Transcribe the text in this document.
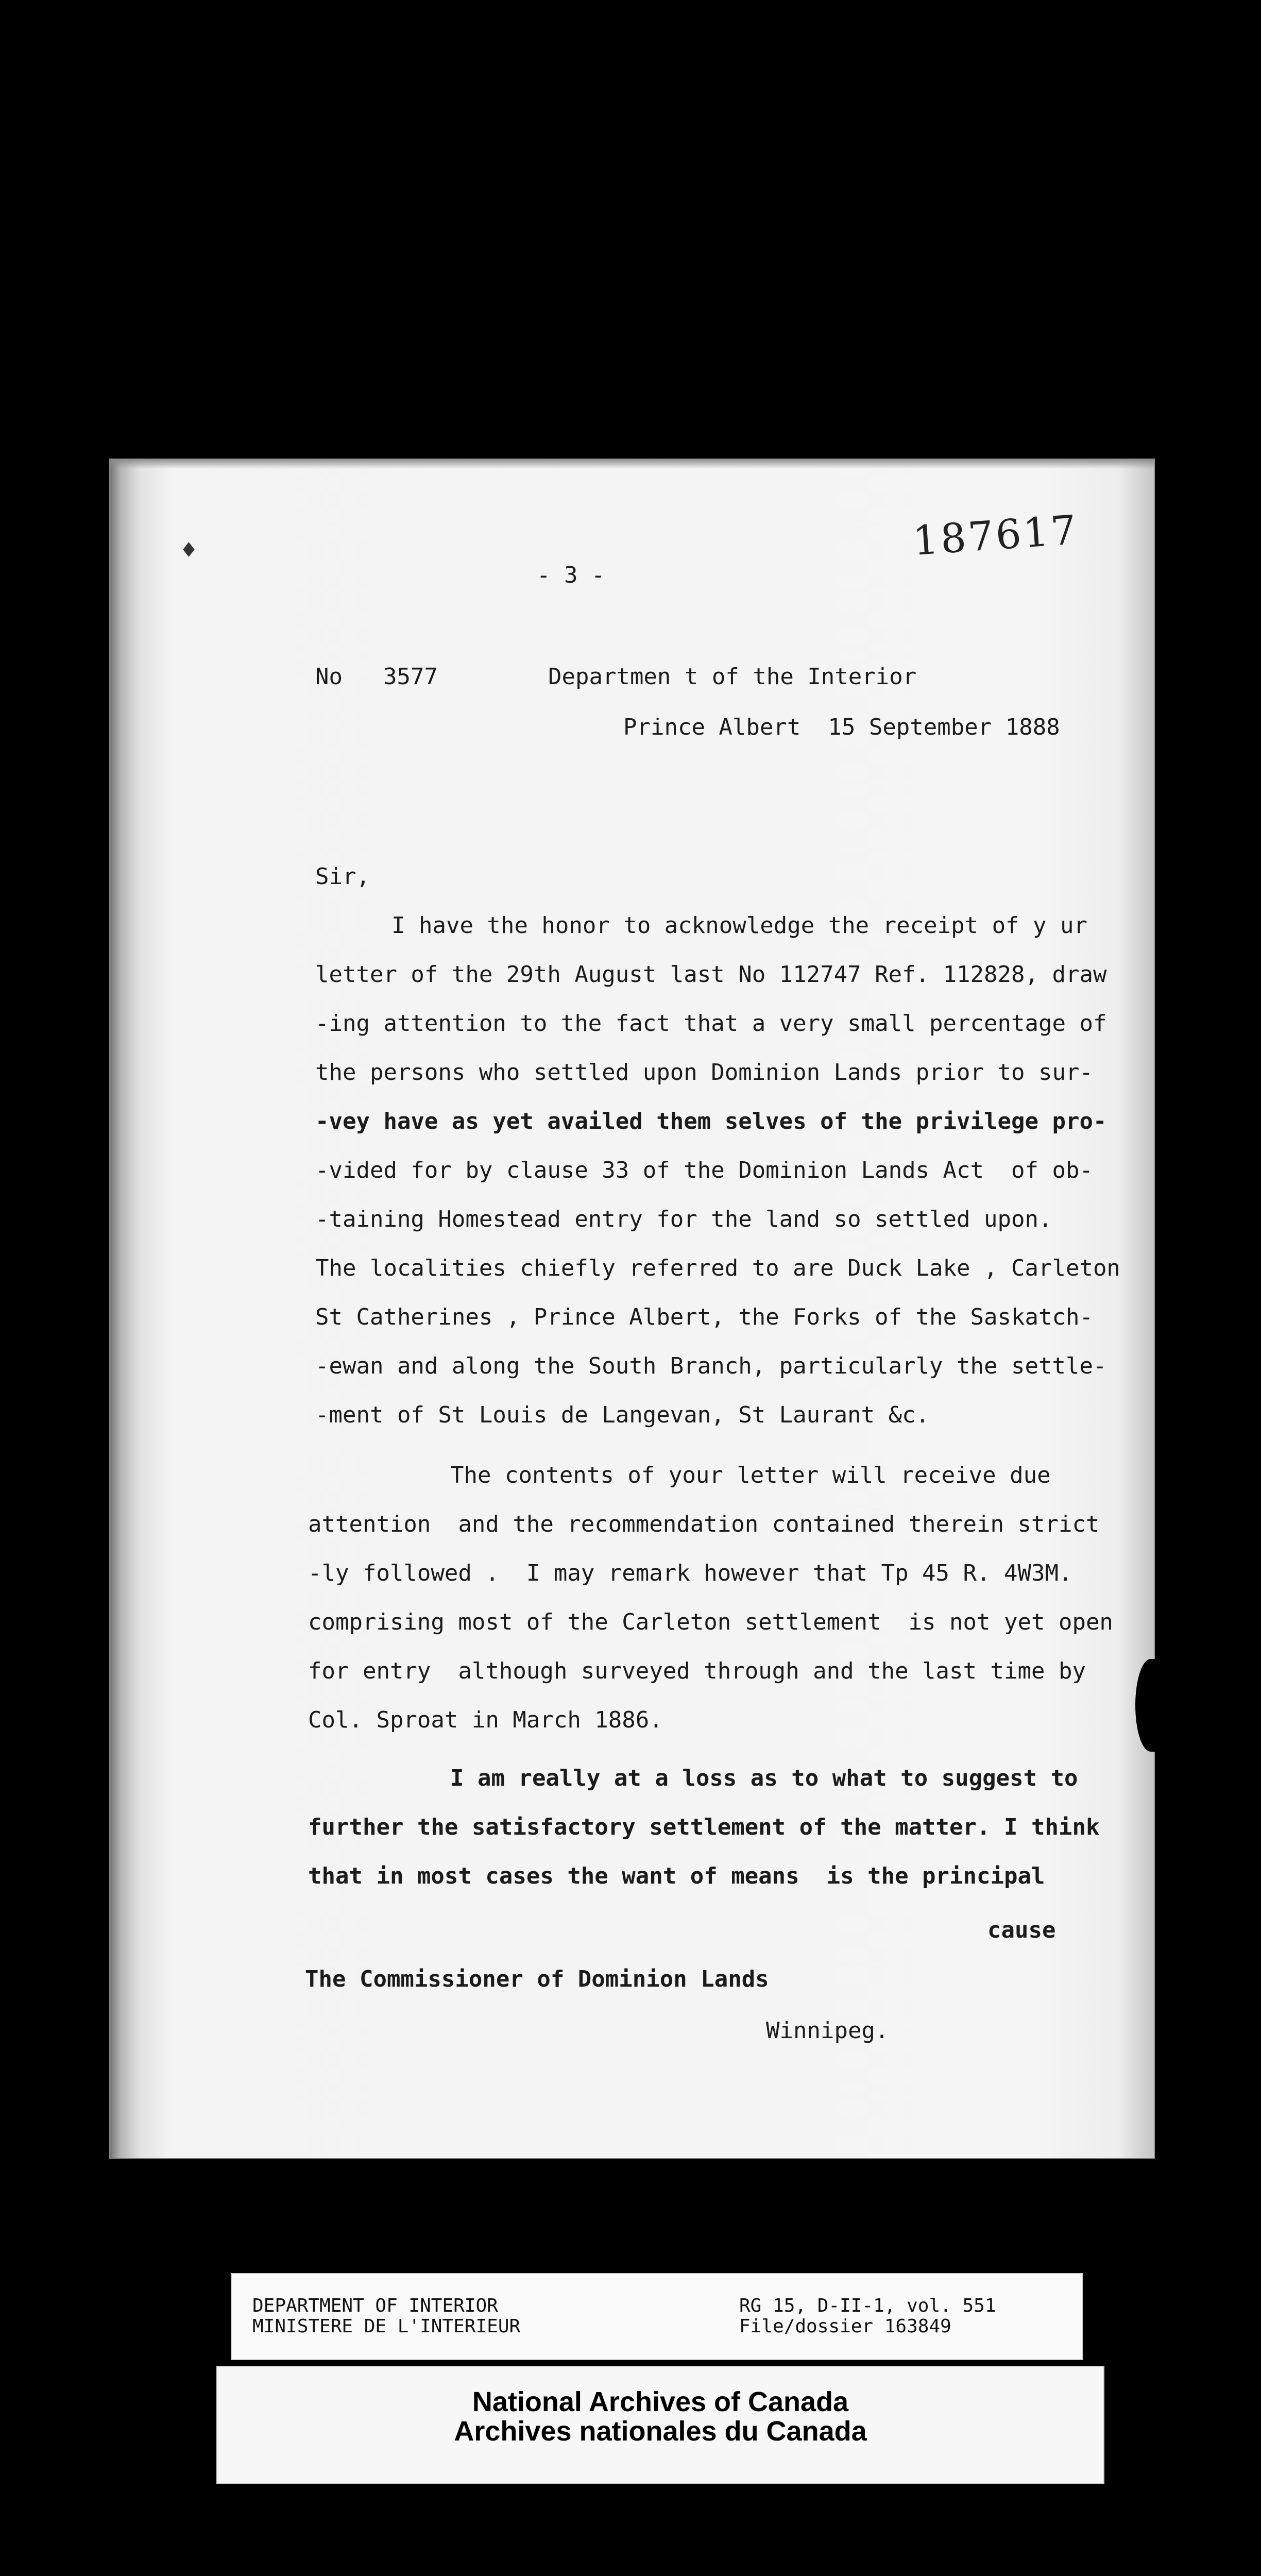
♦	187617
- 3 -
No 3577	Departmen t of the Interior
Prince Albert  15 September 1888
Sir,
I have the honor to acknowledge the receipt of y ur
letter of the 29th August last No 112747 Ref. 112828, draw
-ing attention to the fact that a very small percentage of
the persons who settled upon Dominion Lands prior to sur-
-vey have as yet availed them selves of the privilege pro-
-vided for by clause 33 of the Dominion Lands Act  of ob-
-taining Homestead entry for the land so settled upon.
The localities chiefly referred to are Duck Lake , Carleton
St Catherines , Prince Albert, the Forks of the Saskatch-
-ewan and along the South Branch, particularly the settle-
-ment of St Louis de Langevan, St Laurant &c.
The contents of your letter will receive due
attention  and the recommendation contained therein strict
-ly followed .  I may remark however that Tp 45 R. 4W3M.
comprising most of the Carleton settlement  is not yet open
for entry  although surveyed through and the last time by
Col. Sproat in March 1886.
I am really at a loss as to what to suggest to
further the satisfactory settlement of the matter. I think
that in most cases the want of means  is the principal
cause
The Commissioner of Dominion Lands
Winnipeg.
DEPARTMENT OF INTERIOR
MINISTERE DE L'INTERIEUR
RG 15, D-II-1, vol. 551
File/dossier 163849
National Archives of Canada
Archives nationales du Canada
